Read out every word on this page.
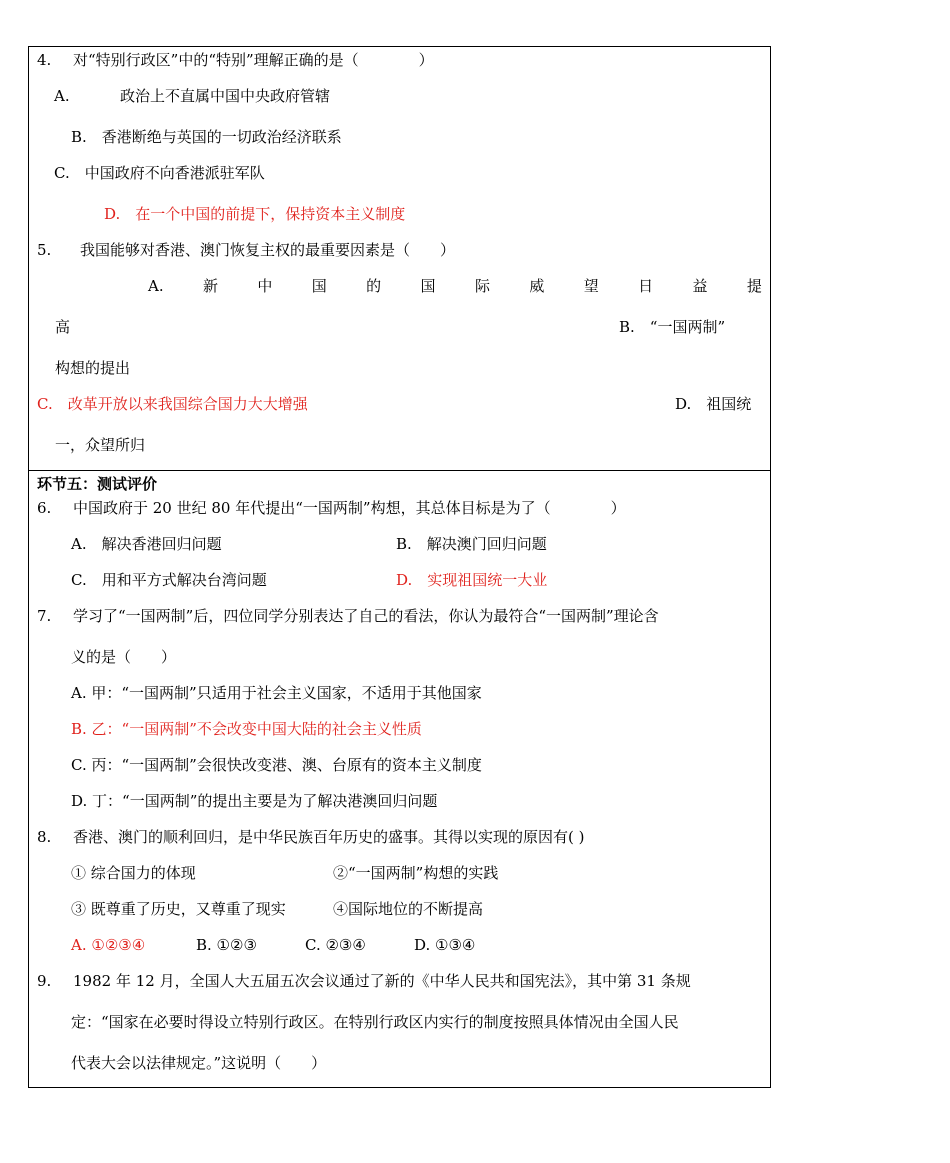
4. 对“特别行政区”中的“特别”理解正确的是（　　　　）
A.	政治上不直属中国中央政府管辖
B.　香港断绝与英国的一切政治经济联系
C.　中国政府不向香港派驻军队
D.　在一个中国的前提下，保持资本主义制度
5. 我国能够对香港、澳门恢复主权的最重要因素是（　　）
A.	新	中	国	的	国	际	威	望	日	益	提
高	B.　“一国两制”
构想的提出
C.　改革开放以来我国综合国力大大增强	D.　祖国统
一，众望所归
环节五：测试评价
6. 中国政府于 20 世纪 80 年代提出“一国两制”构想，其总体目标是为了（　　　　）
A.　解决香港回归问题	B.　解决澳门回归问题
C.　用和平方式解决台湾问题	D.　实现祖国统一大业
7. 学习了“一国两制”后，四位同学分别表达了自己的看法，你认为最符合“一国两制”理论含
义的是（　　）
A. 甲：“一国两制”只适用于社会主义国家，不适用于其他国家
B. 乙：“一国两制”不会改变中国大陆的社会主义性质
C. 丙：“一国两制”会很快改变港、澳、台原有的资本主义制度
D. 丁：“一国两制”的提出主要是为了解决港澳回归问题
8. 香港、澳门的顺利回归，是中华民族百年历史的盛事。其得以实现的原因有( )
① 综合国力的体现	②“一国两制”构想的实践
③ 既尊重了历史，又尊重了现实	④国际地位的不断提高
A. ①②③④	B. ①②③	C. ②③④	D. ①③④
9. 1982 年 12 月，全国人大五届五次会议通过了新的《中华人民共和国宪法》，其中第 31 条规
定：“国家在必要时得设立特别行政区。在特别行政区内实行的制度按照具体情况由全国人民
代表大会以法律规定。”这说明（　　）
